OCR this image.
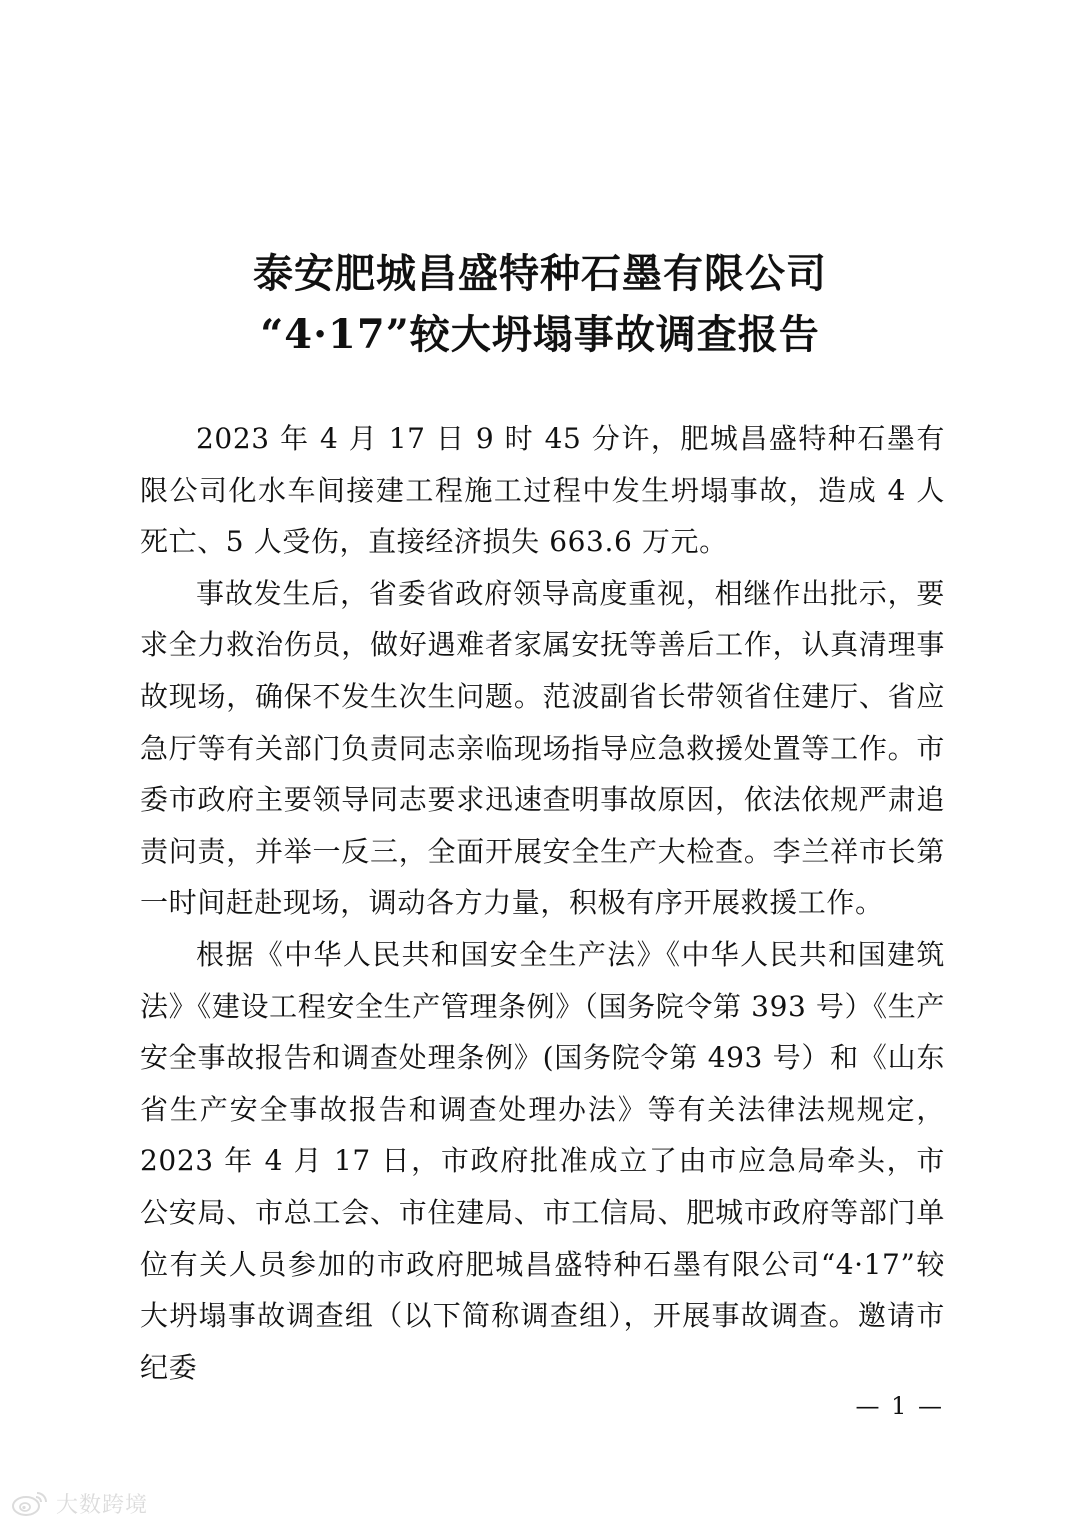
泰安肥城昌盛特种石墨有限公司
“4·17”较大坍塌事故调查报告

2023 年 4 月 17 日 9 时 45 分许，肥城昌盛特种石墨有限公司化水车间接建工程施工过程中发生坍塌事故，造成 4 人死亡、5 人受伤，直接经济损失 663.6 万元。

事故发生后，省委省政府领导高度重视，相继作出批示，要求全力救治伤员，做好遇难者家属安抚等善后工作，认真清理事故现场，确保不发生次生问题。范波副省长带领省住建厅、省应急厅等有关部门负责同志亲临现场指导应急救援处置等工作。市委市政府主要领导同志要求迅速查明事故原因，依法依规严肃追责问责，并举一反三，全面开展安全生产大检查。李兰祥市长第一时间赶赴现场，调动各方力量，积极有序开展救援工作。

根据《中华人民共和国安全生产法》《中华人民共和国建筑法》《建设工程安全生产管理条例》（国务院令第 393 号）《生产安全事故报告和调查处理条例》(国务院令第 493 号）和《山东省生产安全事故报告和调查处理办法》等有关法律法规规定，2023 年 4 月 17 日，市政府批准成立了由市应急局牵头，市公安局、市总工会、市住建局、市工信局、肥城市政府等部门单位有关人员参加的市政府肥城昌盛特种石墨有限公司“4·17”较大坍塌事故调查组（以下简称调查组），开展事故调查。邀请市纪委

— 1 —
大数跨境
